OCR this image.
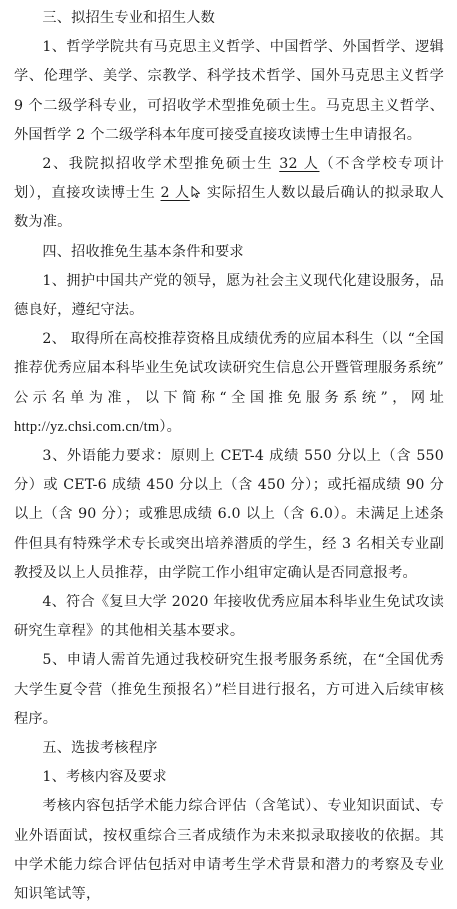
三、拟招生专业和招生人数

1、哲学学院共有马克思主义哲学、中国哲学、外国哲学、逻辑学、伦理学、美学、宗教学、科学技术哲学、国外马克思主义哲学 9 个二级学科专业，可招收学术型推免硕士生。马克思主义哲学、外国哲学 2 个二级学科本年度可接受直接攻读博士生申请报名。

2、我院拟招收学术型推免硕士生 32 人（不含学校专项计划），直接攻读博士生 2 人 实际招生人数以最后确认的拟录取人数为准。

四、招收推免生基本条件和要求

1、拥护中国共产党的领导，愿为社会主义现代化建设服务，品德良好，遵纪守法。

2、 取得所在高校推荐资格且成绩优秀的应届本科生（以 “全国推荐优秀应届本科毕业生免试攻读研究生信息公开暨管理服务系统” 公示名单为准，以下简称“全国推免服务系统”，网址 http://yz.chsi.com.cn/tm）。

3、外语能力要求：原则上 CET-4 成绩 550 分以上（含 550 分）或 CET-6 成绩 450 分以上（含 450 分）；或托福成绩 90 分以上（含 90 分）；或雅思成绩 6.0 以上（含 6.0）。未满足上述条件但具有特殊学术专长或突出培养潜质的学生，经 3 名相关专业副教授及以上人员推荐，由学院工作小组审定确认是否同意报考。

4、符合《复旦大学 2020 年接收优秀应届本科毕业生免试攻读研究生章程》的其他相关基本要求。

5、申请人需首先通过我校研究生报考服务系统，在“全国优秀大学生夏令营（推免生预报名）”栏目进行报名，方可进入后续审核程序。

五、选拔考核程序

1、考核内容及要求

考核内容包括学术能力综合评估（含笔试）、专业知识面试、专业外语面试，按权重综合三者成绩作为未来拟录取接收的依据。其中学术能力综合评估包括对申请考生学术背景和潜力的考察及专业知识笔试等，
